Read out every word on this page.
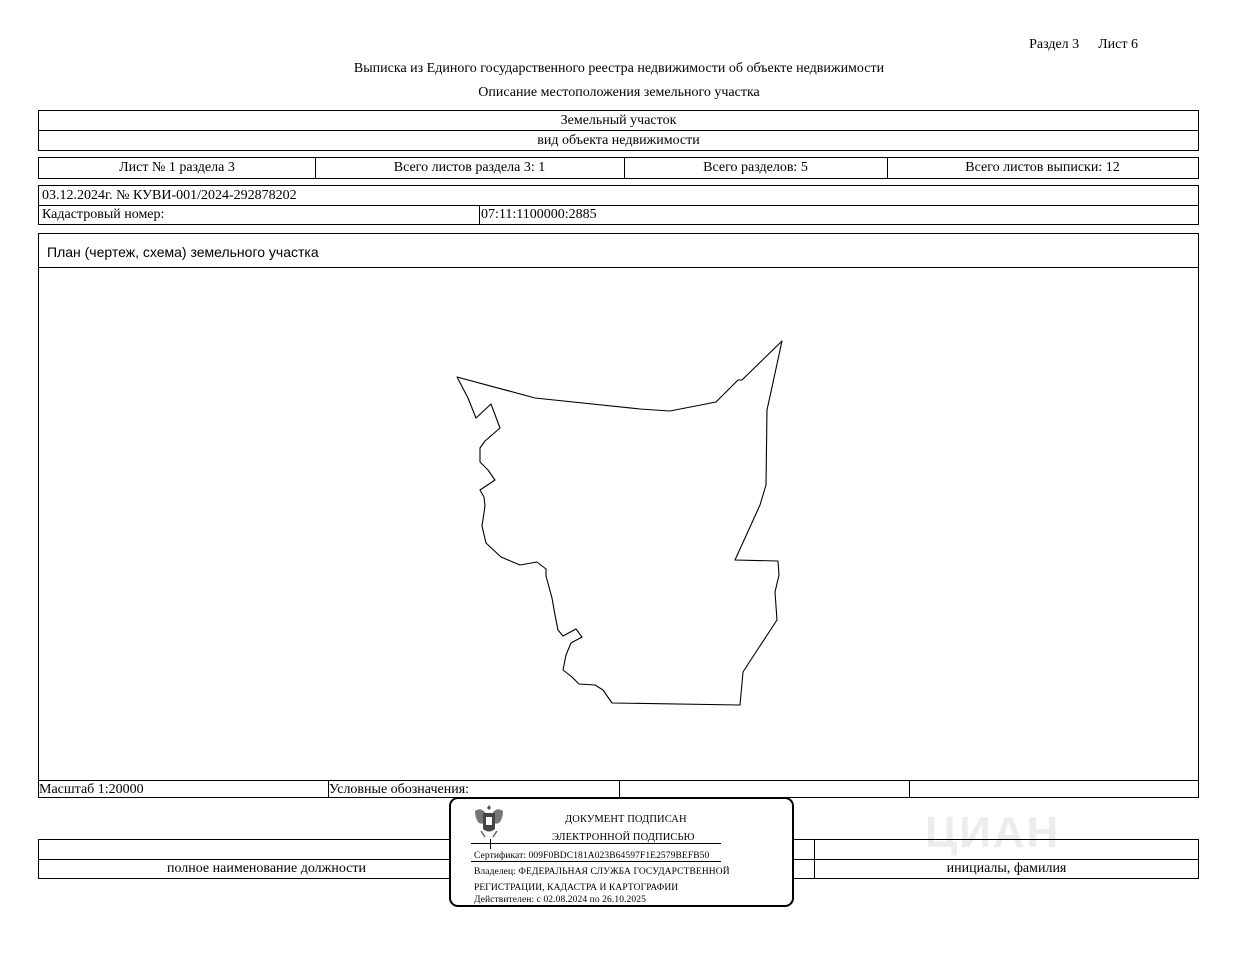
Раздел 3 Лист 6
Выписка из Единого государственного реестра недвижимости об объекте недвижимости
Описание местоположения земельного участка
Земельный участок
вид объекта недвижимости
Лист № 1 раздела 3	Всего листов раздела 3: 1	Всего разделов: 5	Всего листов выписки: 12
03.12.2024г. № КУВИ-001/2024-292878202
Кадастровый номер:	07:11:1100000:2885
План (чертеж, схема) земельного участка
Масштаб 1:20000	Условные обозначения:
ЦИАН
полное наименование должности	инициалы, фамилия
ДОКУМЕНТ ПОДПИСАН
ЭЛЕКТРОННОЙ ПОДПИСЬЮ
Сертификат: 009F0BDC181A023B64597F1E2579BEFB50
Владелец: ФЕДЕРАЛЬНАЯ СЛУЖБА ГОСУДАРСТВЕННОЙ
РЕГИСТРАЦИИ, КАДАСТРА И КАРТОГРАФИИ
Действителен: с 02.08.2024 по 26.10.2025
